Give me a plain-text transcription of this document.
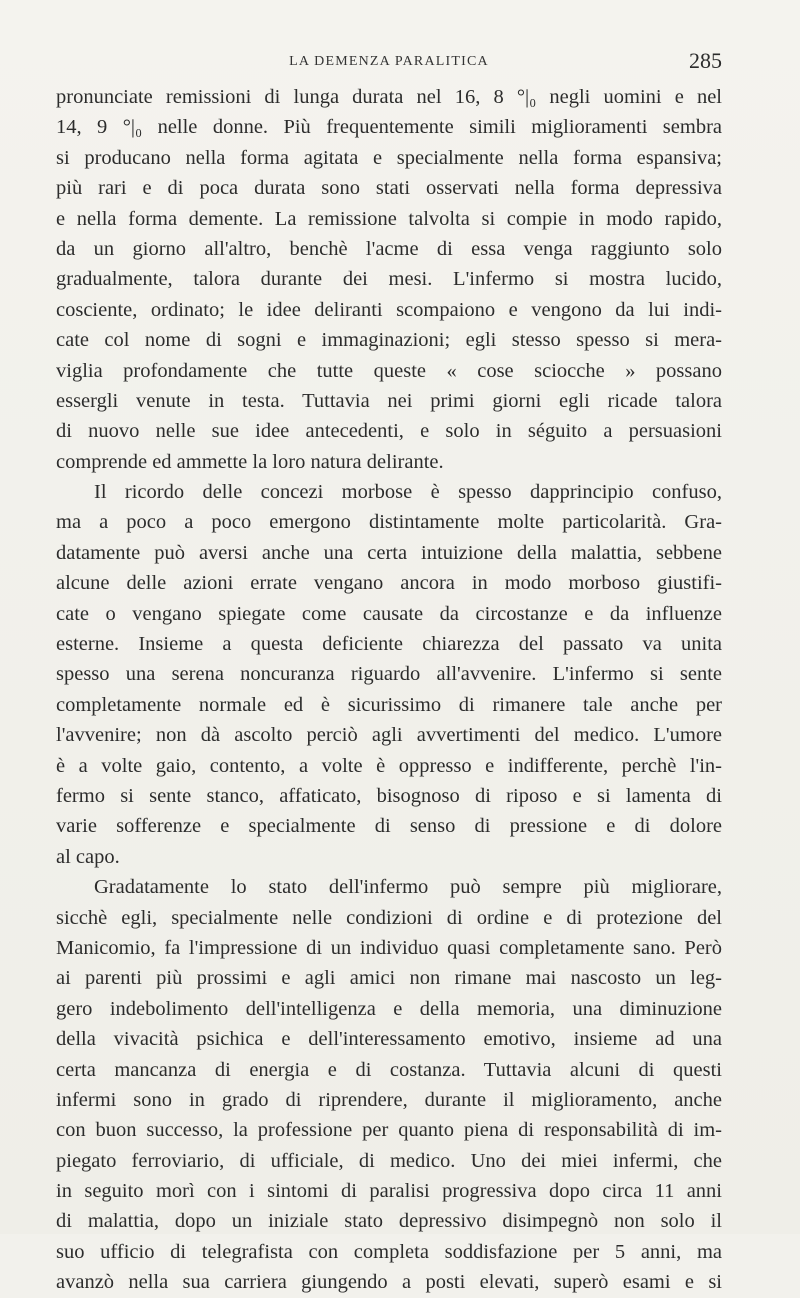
LA DEMENZA PARALITICA	285
pronunciate remissioni di lunga durata nel 16, 8 °|₀ negli uomini e nel
14, 9 °|₀ nelle donne. Più frequentemente simili miglioramenti sembra
si producano nella forma agitata e specialmente nella forma espansiva;
più rari e di poca durata sono stati osservati nella forma depressiva
e nella forma demente. La remissione talvolta si compie in modo rapido,
da un giorno all'altro, benchè l'acme di essa venga raggiunto solo
gradualmente, talora durante dei mesi. L'infermo si mostra lucido,
cosciente, ordinato; le idee deliranti scompaiono e vengono da lui indi-
cate col nome di sogni e immaginazioni; egli stesso spesso si mera-
viglia profondamente che tutte queste « cose sciocche » possano
essergli venute in testa. Tuttavia nei primi giorni egli ricade talora
di nuovo nelle sue idee antecedenti, e solo in séguito a persuasioni
comprende ed ammette la loro natura delirante.
Il ricordo delle concezi morbose è spesso dapprincipio confuso,
ma a poco a poco emergono distintamente molte particolarità. Gra-
datamente può aversi anche una certa intuizione della malattia, sebbene
alcune delle azioni errate vengano ancora in modo morboso giustifi-
cate o vengano spiegate come causate da circostanze e da influenze
esterne. Insieme a questa deficiente chiarezza del passato va unita
spesso una serena noncuranza riguardo all'avvenire. L'infermo si sente
completamente normale ed è sicurissimo di rimanere tale anche per
l'avvenire; non dà ascolto perciò agli avvertimenti del medico. L'umore
è a volte gaio, contento, a volte è oppresso e indifferente, perchè l'in-
fermo si sente stanco, affaticato, bisognoso di riposo e si lamenta di
varie sofferenze e specialmente di senso di pressione e di dolore
al capo.
Gradatamente lo stato dell'infermo può sempre più migliorare,
sicchè egli, specialmente nelle condizioni di ordine e di protezione del
Manicomio, fa l'impressione di un individuo quasi completamente sano. Però
ai parenti più prossimi e agli amici non rimane mai nascosto un leg-
gero indebolimento dell'intelligenza e della memoria, una diminuzione
della vivacità psichica e dell'interessamento emotivo, insieme ad una
certa mancanza di energia e di costanza. Tuttavia alcuni di questi
infermi sono in grado di riprendere, durante il miglioramento, anche
con buon successo, la professione per quanto piena di responsabilità di im-
piegato ferroviario, di ufficiale, di medico. Uno dei miei infermi, che
in seguito morì con i sintomi di paralisi progressiva dopo circa 11 anni
di malattia, dopo un iniziale stato depressivo disimpegnò non solo il
suo ufficio di telegrafista con completa soddisfazione per 5 anni, ma
avanzò nella sua carriera giungendo a posti elevati, superò esami e si
